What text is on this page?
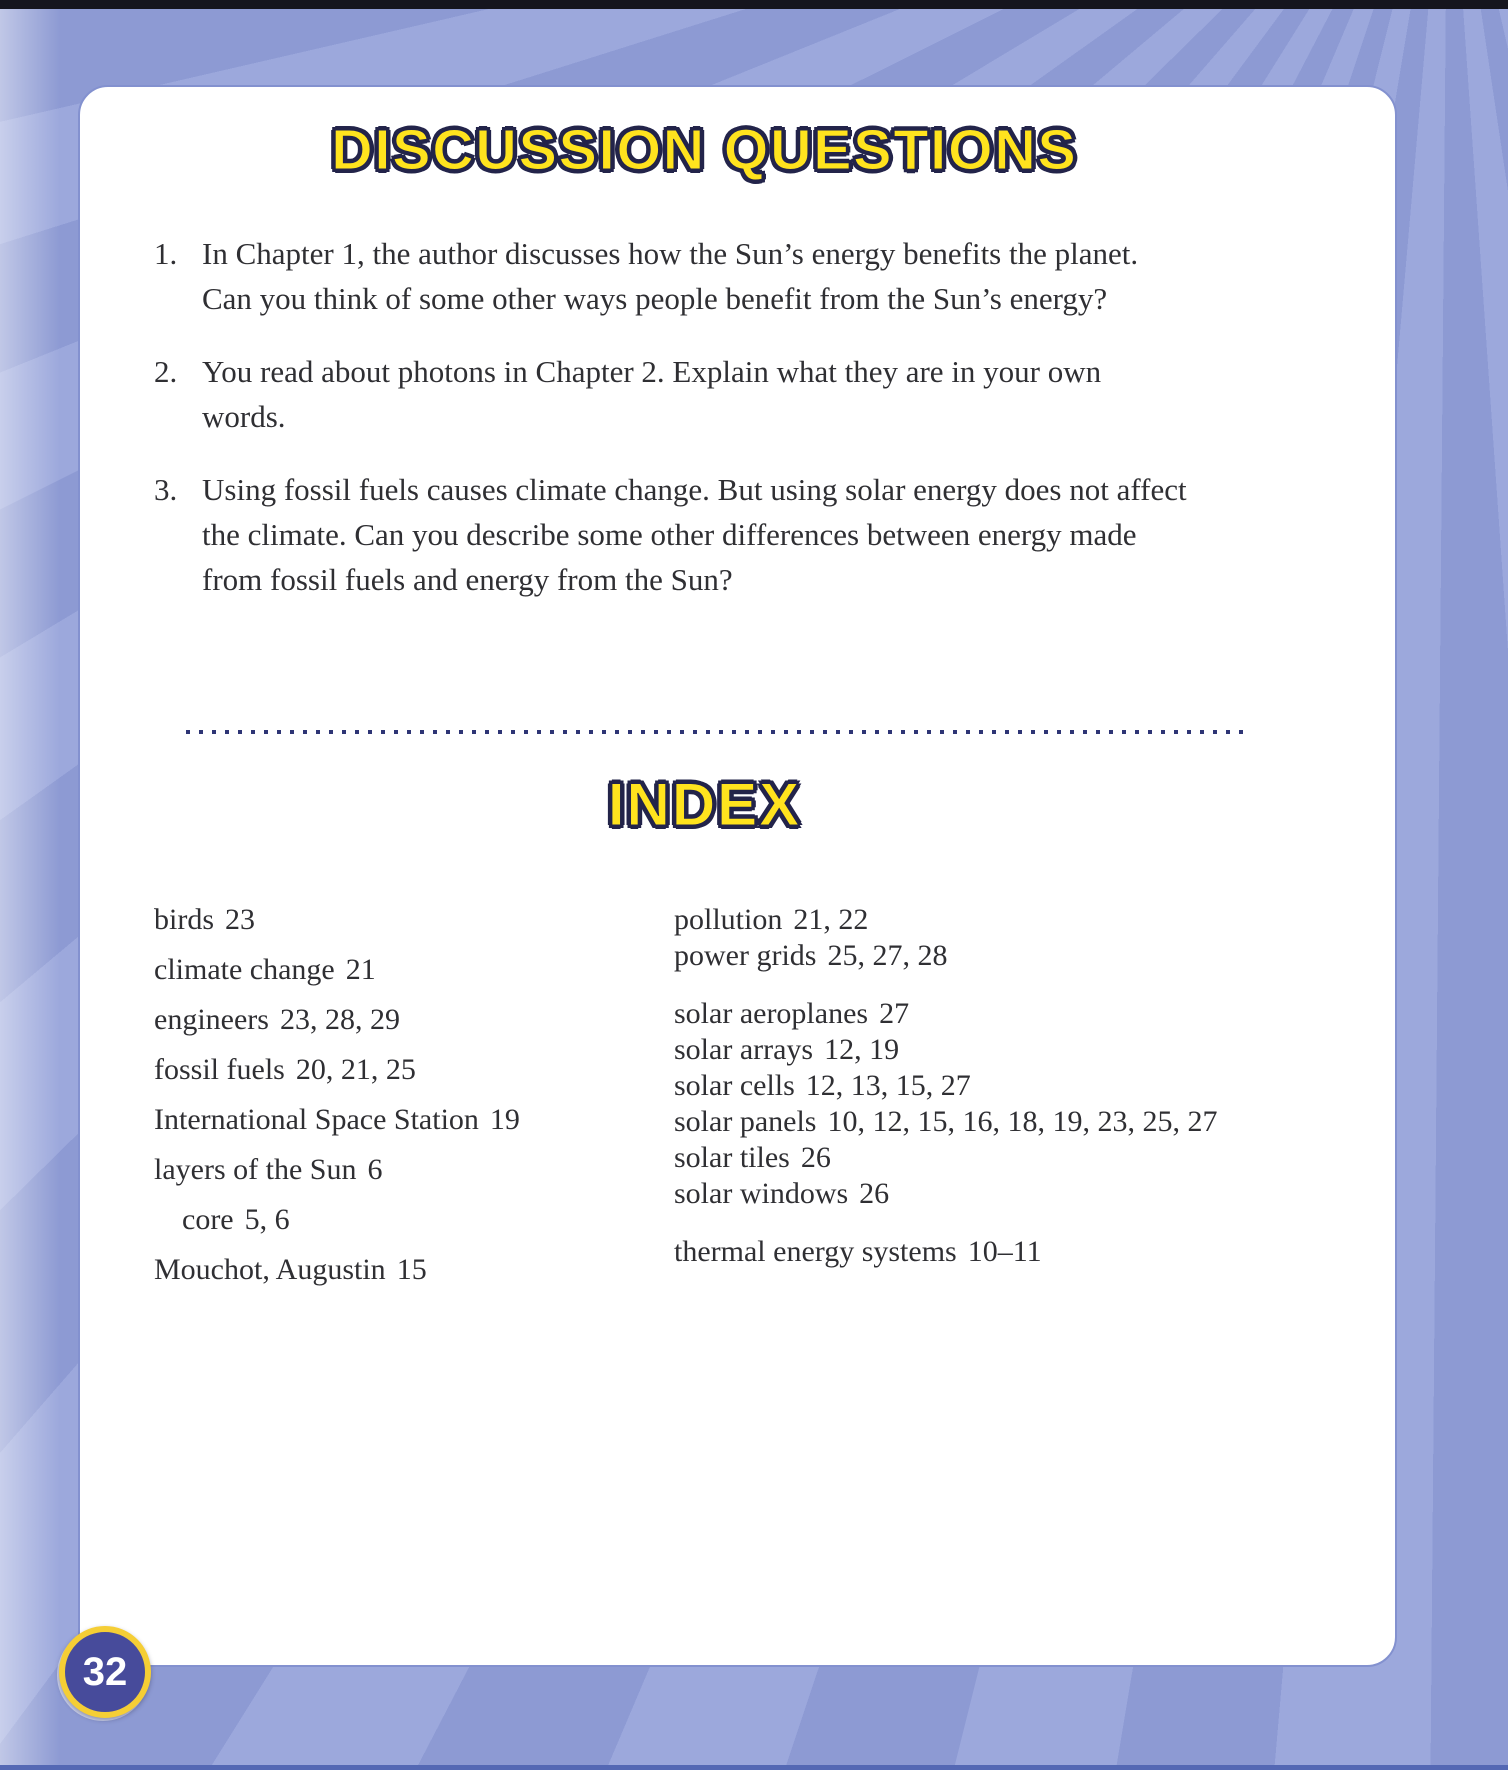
DISCUSSION QUESTIONS
1. In Chapter 1, the author discusses how the Sun’s energy benefits the planet. Can you think of some other ways people benefit from the Sun’s energy?
2. You read about photons in Chapter 2. Explain what they are in your own words.
3. Using fossil fuels causes climate change. But using solar energy does not affect the climate. Can you describe some other differences between energy made from fossil fuels and energy from the Sun?
INDEX
birds 23
climate change 21
engineers 23, 28, 29
fossil fuels 20, 21, 25
International Space Station 19
layers of the Sun 6
core 5, 6
Mouchot, Augustin 15
pollution 21, 22
power grids 25, 27, 28
solar aeroplanes 27
solar arrays 12, 19
solar cells 12, 13, 15, 27
solar panels 10, 12, 15, 16, 18, 19, 23, 25, 27
solar tiles 26
solar windows 26
thermal energy systems 10–11
32
